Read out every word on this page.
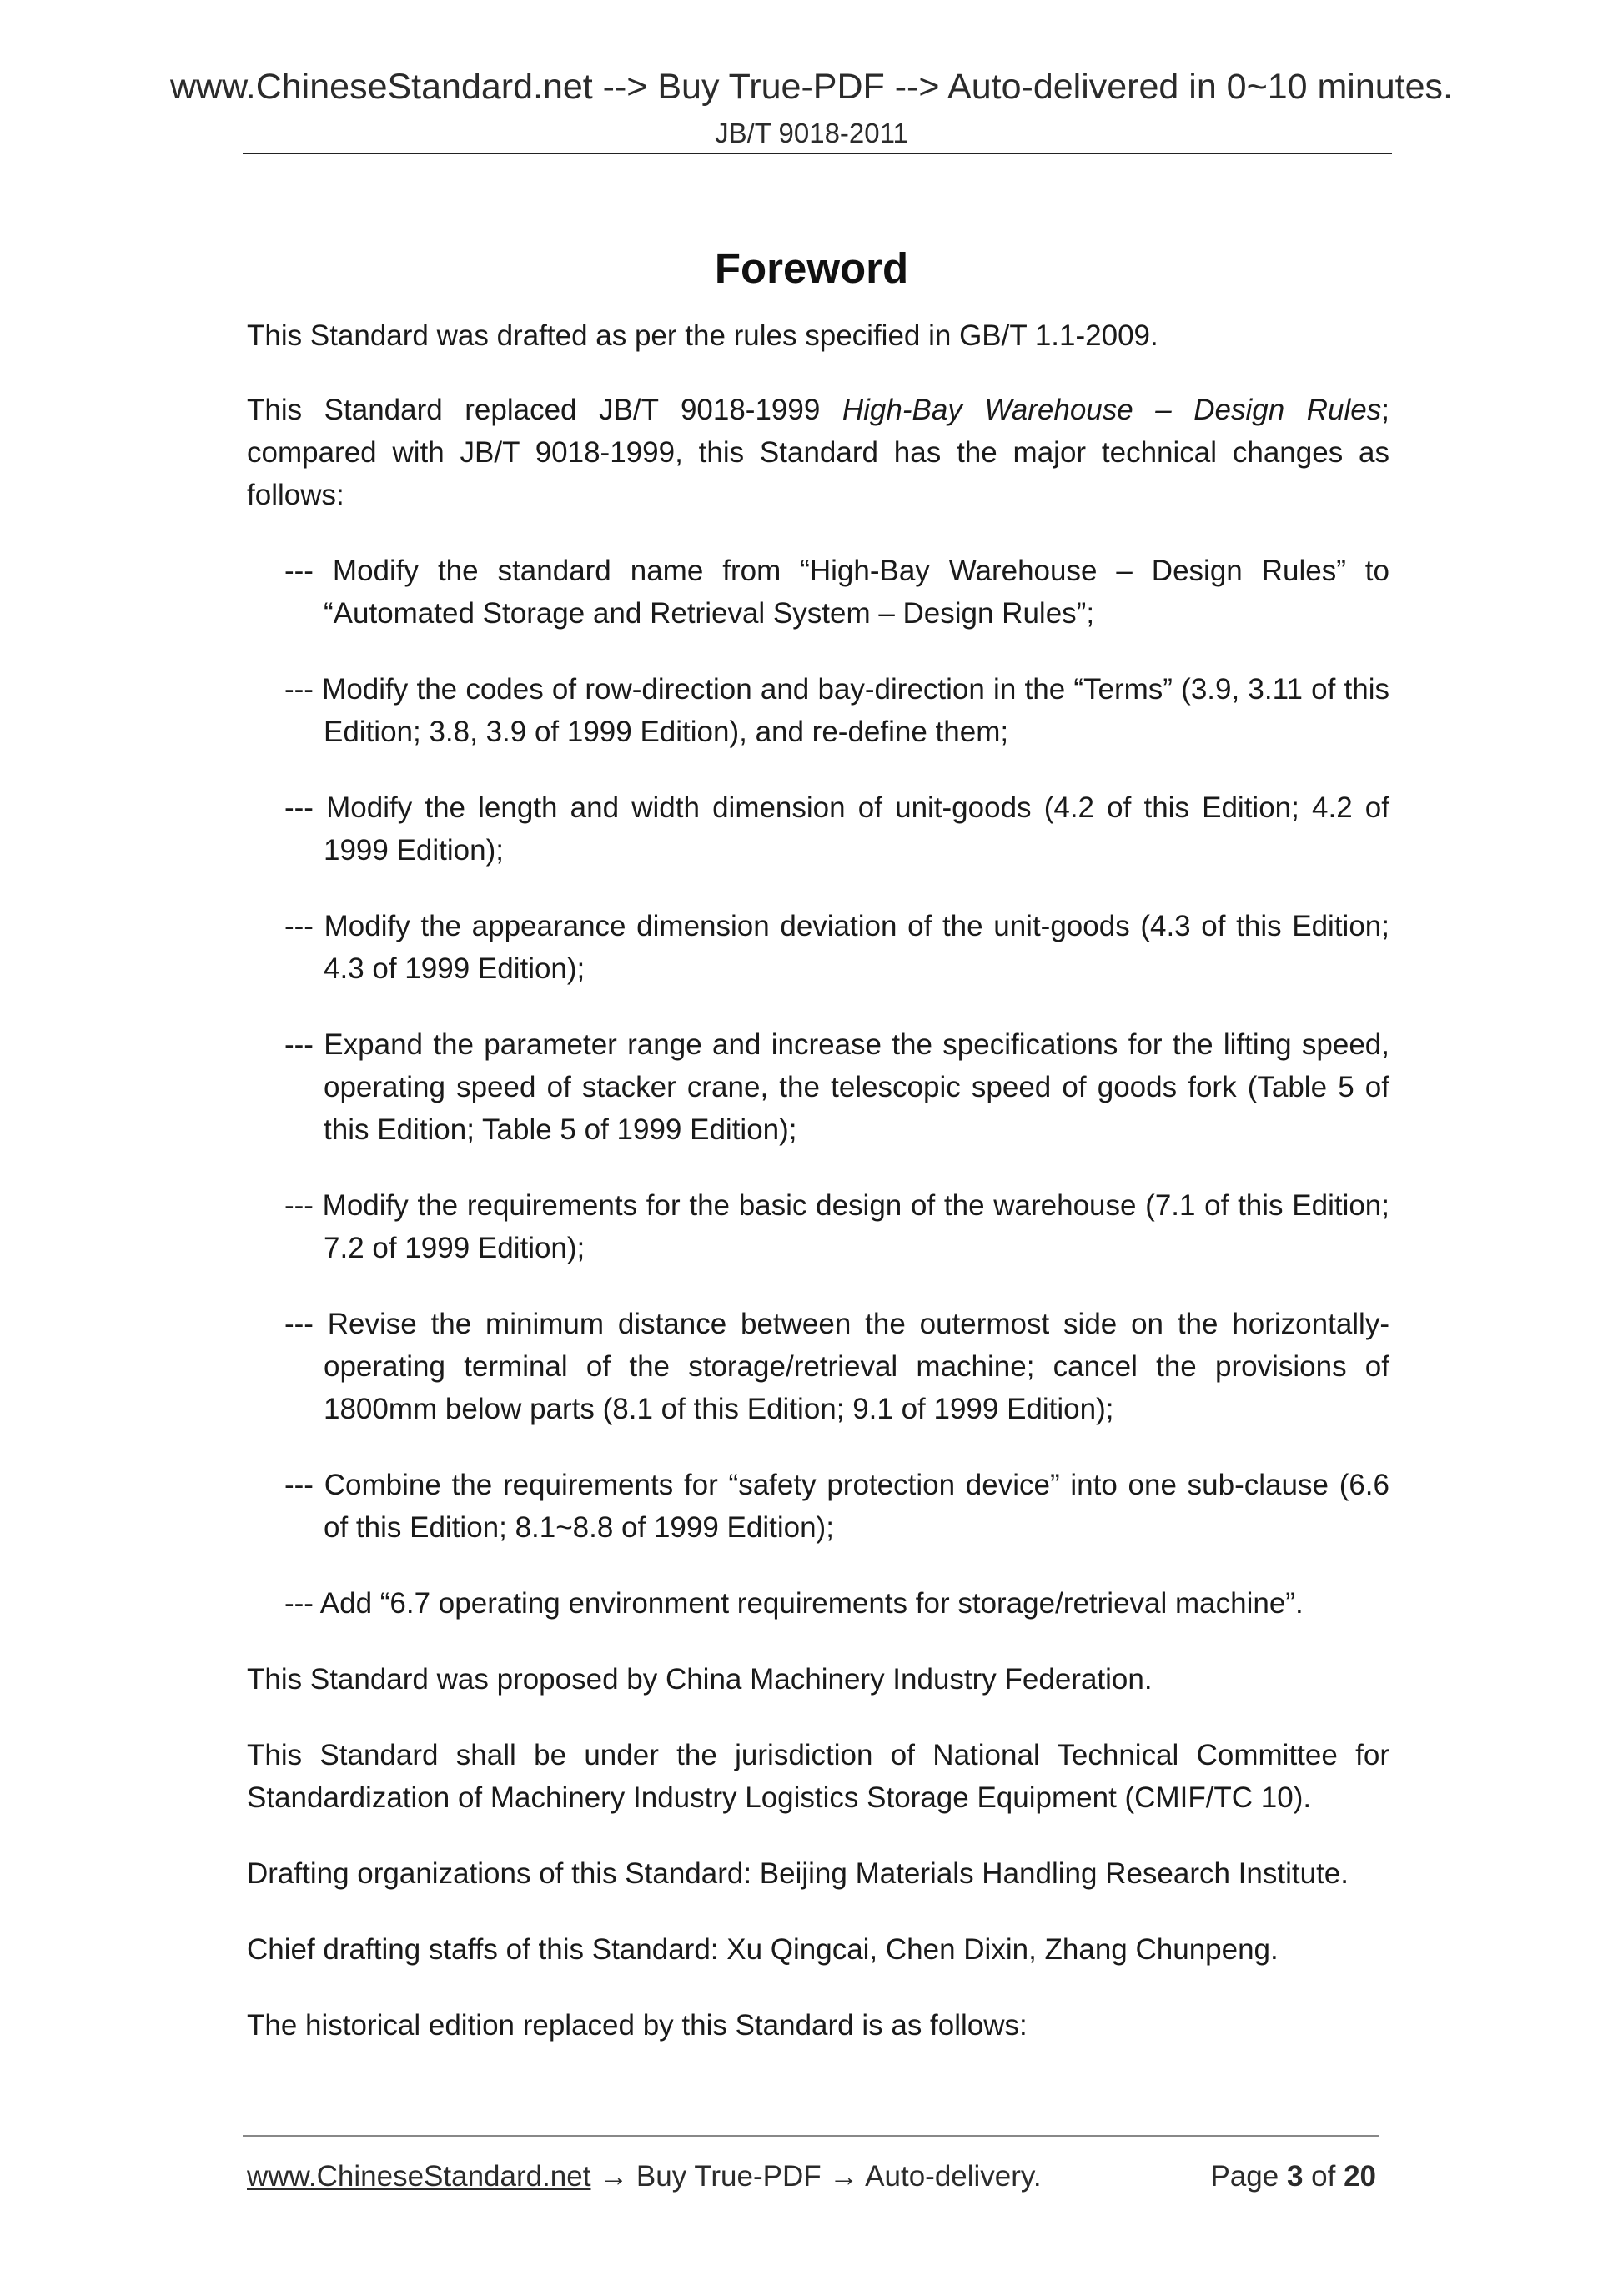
www.ChineseStandard.net --> Buy True-PDF --> Auto-delivered in 0~10 minutes.
JB/T 9018-2011
Foreword

This Standard was drafted as per the rules specified in GB/T 1.1-2009.

This Standard replaced JB/T 9018-1999 High-Bay Warehouse – Design Rules; compared with JB/T 9018-1999, this Standard has the major technical changes as follows:

--- Modify the standard name from “High-Bay Warehouse – Design Rules” to “Automated Storage and Retrieval System – Design Rules”;
--- Modify the codes of row-direction and bay-direction in the “Terms” (3.9, 3.11 of this Edition; 3.8, 3.9 of 1999 Edition), and re-define them;
--- Modify the length and width dimension of unit-goods (4.2 of this Edition; 4.2 of 1999 Edition);
--- Modify the appearance dimension deviation of the unit-goods (4.3 of this Edition; 4.3 of 1999 Edition);
--- Expand the parameter range and increase the specifications for the lifting speed, operating speed of stacker crane, the telescopic speed of goods fork (Table 5 of this Edition; Table 5 of 1999 Edition);
--- Modify the requirements for the basic design of the warehouse (7.1 of this Edition; 7.2 of 1999 Edition);
--- Revise the minimum distance between the outermost side on the horizontally-operating terminal of the storage/retrieval machine; cancel the provisions of 1800mm below parts (8.1 of this Edition; 9.1 of 1999 Edition);
--- Combine the requirements for “safety protection device” into one sub-clause (6.6 of this Edition; 8.1~8.8 of 1999 Edition);
--- Add “6.7 operating environment requirements for storage/retrieval machine”.

This Standard was proposed by China Machinery Industry Federation.

This Standard shall be under the jurisdiction of National Technical Committee for Standardization of Machinery Industry Logistics Storage Equipment (CMIF/TC 10).

Drafting organizations of this Standard: Beijing Materials Handling Research Institute.

Chief drafting staffs of this Standard: Xu Qingcai, Chen Dixin, Zhang Chunpeng.

The historical edition replaced by this Standard is as follows:

www.ChineseStandard.net → Buy True-PDF → Auto-delivery.	Page 3 of 20
